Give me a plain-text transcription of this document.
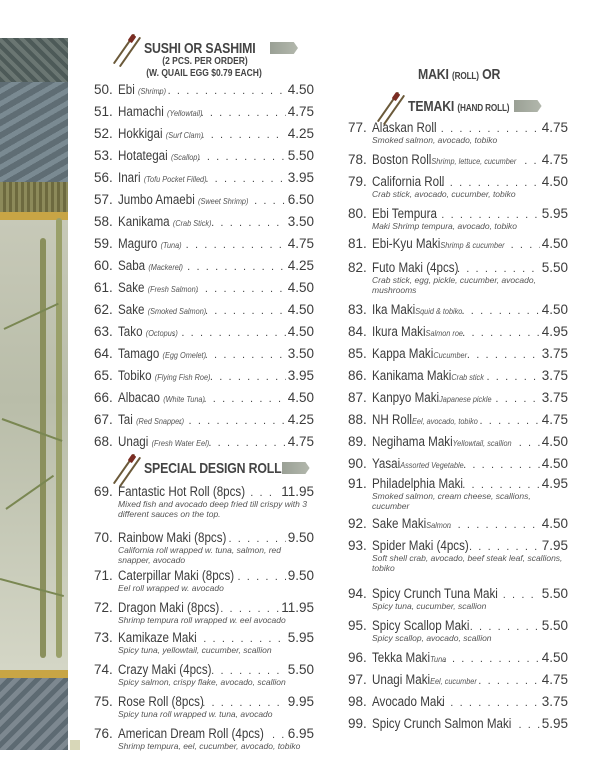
SUSHI OR SASHIMI
(2 PCS. PER ORDER)
(W. QUAIL EGG $0.79 EACH)
50. Ebi (Shrimp) . . .	4.50
51. Hamachi (Yellowtail) . . .	4.75
52. Hokkigai (Surf Clam) . . .	4.25
53. Hotategai (Scallop) . . .	5.50
56. Inari (Tofu Pocket Filled) . . .	3.95
57. Jumbo Amaebi (Sweet Shrimp) . . .	6.50
58. Kanikama (Crab Stick) . . .	3.50
59. Maguro (Tuna) . . .	4.75
60. Saba (Mackerel) . . .	4.25
61. Sake (Fresh Salmon) . . .	4.50
62. Sake (Smoked Salmon) . . .	4.50
63. Tako (Octopus) . . .	4.50
64. Tamago (Egg Omelet) . . .	3.50
65. Tobiko (Flying Fish Roe) . . .	3.95
66. Albacao (White Tuna) . . .	4.50
67. Tai (Red Snapper) . . .	4.25
68. Unagi (Fresh Water Eel) . . .	4.75
SPECIAL DESIGN ROLL
69. Fantastic Hot Roll (8pcs) . . .	11.95
Mixed fish and avocado deep fried till crispy with 3 different sauces on the top.
70. Rainbow Maki (8pcs) . . .	9.50
California roll wrapped w. tuna, salmon, red snapper, avocado
71. Caterpillar Maki (8pcs) . . .	9.50
Eel roll wrapped w. avocado
72. Dragon Maki (8pcs) . . .	11.95
Shrimp tempura roll wrapped w. eel avocado
73. Kamikaze Maki . . .	5.95
Spicy tuna, yellowtail, cucumber, scallion
74. Crazy Maki (4pcs) . . .	5.50
Spicy salmon, crispy flake, avocado, scallion
75. Rose Roll (8pcs) . . .	9.95
Spicy tuna roll wrapped w. tuna, avocado
76. American Dream Roll (4pcs) . . . 6.95
Shrimp tempura, eel, cucumber, avocado, tobiko
MAKI (ROLL) OR
TEMAKI (HAND ROLL)
77. Alaskan Roll . . .	4.75
Smoked salmon, avocado, tobiko
78. Boston RollShrimp, lettuce, cucumber . . . 4.75
79. California Roll . . .	4.50
Crab stick, avocado, cucumber, tobiko
80. Ebi Tempura . . .	5.95
Maki Shrimp tempura, avocado, tobiko
81. Ebi-Kyu MakiShrimp & cucumber . . .	4.50
82. Futo Maki (4pcs) . . .	5.50
Crab stick, egg, pickle, cucumber, avocado, mushrooms
83. Ika MakiSquid & tobiko . . .	4.50
84. Ikura MakiSalmon roe . . .	4.95
85. Kappa MakiCucumber . . .	3.75
86. Kanikama MakiCrab stick . . .	3.75
87. Kanpyo MakiJapanese pickle . . .	3.75
88. NH RollEel, avocado, tobiko . . .	4.75
89. Negihama MakiYellowtail, scallion . . . 4.50
90. YasaiAssorted Vegetable . . .	4.50
91. Philadelphia Maki . . .	4.95
Smoked salmon, cream cheese, scallions, cucumber
92. Sake MakiSalmon . . .	4.50
93. Spider Maki (4pcs) . . .	7.95
Soft shell crab, avocado, beef steak leaf, scallions, tobiko
94. Spicy Crunch Tuna Maki . . .	5.50
Spicy tuna, cucumber, scallion
95. Spicy Scallop Maki . . .	5.50
Spicy scallop, avocado, scallion
96. Tekka MakiTuna . . .	4.50
97. Unagi MakiEel, cucumber . . .	4.75
98. Avocado Maki . . .	3.75
99. Spicy Crunch Salmon Maki . . . 5.95
